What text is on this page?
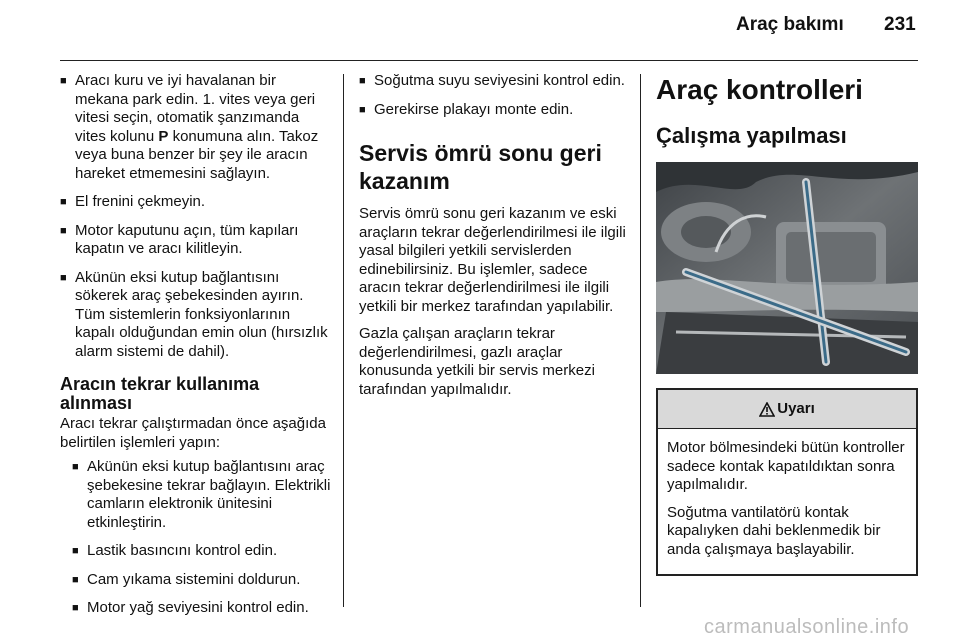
Araç bakımı 231
■ Aracı kuru ve iyi havalanan bir mekana park edin. 1. vites veya geri vitesi seçin, otomatik şanzımanda vites kolunu P konumuna alın. Takoz veya buna benzer bir şey ile aracın hareket etmemesini sağlayın.
■ El frenini çekmeyin.
■ Motor kaputunu açın, tüm kapıları kapatın ve aracı kilitleyin.
■ Akünün eksi kutup bağlantısını sökerek araç şebekesinden ayırın. Tüm sistemlerin fonksiyonlarının kapalı olduğundan emin olun (hırsızlık alarm sistemi de dahil).
Aracın tekrar kullanıma alınması

Aracı tekrar çalıştırmadan önce aşağıda belirtilen işlemleri yapın:

■ Akünün eksi kutup bağlantısını araç şebekesine tekrar bağlayın. Elektrikli camların elektronik ünitesini etkinleştirin.
■ Lastik basıncını kontrol edin.
■ Cam yıkama sistemini doldurun.
■ Motor yağ seviyesini kontrol edin.
■ Soğutma suyu seviyesini kontrol edin.
■ Gerekirse plakayı monte edin.
Servis ömrü sonu geri kazanım

Servis ömrü sonu geri kazanım ve eski araçların tekrar değerlendirilmesi ile ilgili yasal bilgileri yetkili servislerden edinebilirsiniz. Bu işlemler, sadece aracın tekrar değerlendirilmesi ile ilgili yetkili bir merkez tarafından yapılabilir.

Gazla çalışan araçların tekrar değerlendirilmesi, gazlı araçlar konusunda yetkili bir servis merkezi tarafından yapılmalıdır.

Araç kontrolleri
Çalışma yapılması
Uyarı

Motor bölmesindeki bütün kontroller sadece kontak kapatıldıktan sonra yapılmalıdır.

Soğutma vantilatörü kontak kapalıyken dahi beklenmedik bir anda çalışmaya başlayabilir.

carmanualsonline.info
